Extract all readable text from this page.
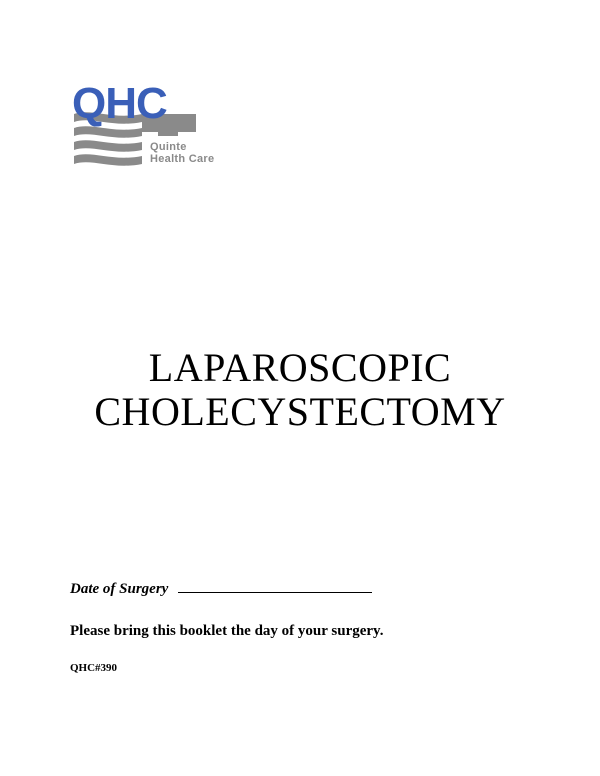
QHC
Quinte
Health Care
LAPAROSCOPIC
CHOLECYSTECTOMY
Date of Surgery
Please bring this booklet the day of your surgery.
QHC#390
